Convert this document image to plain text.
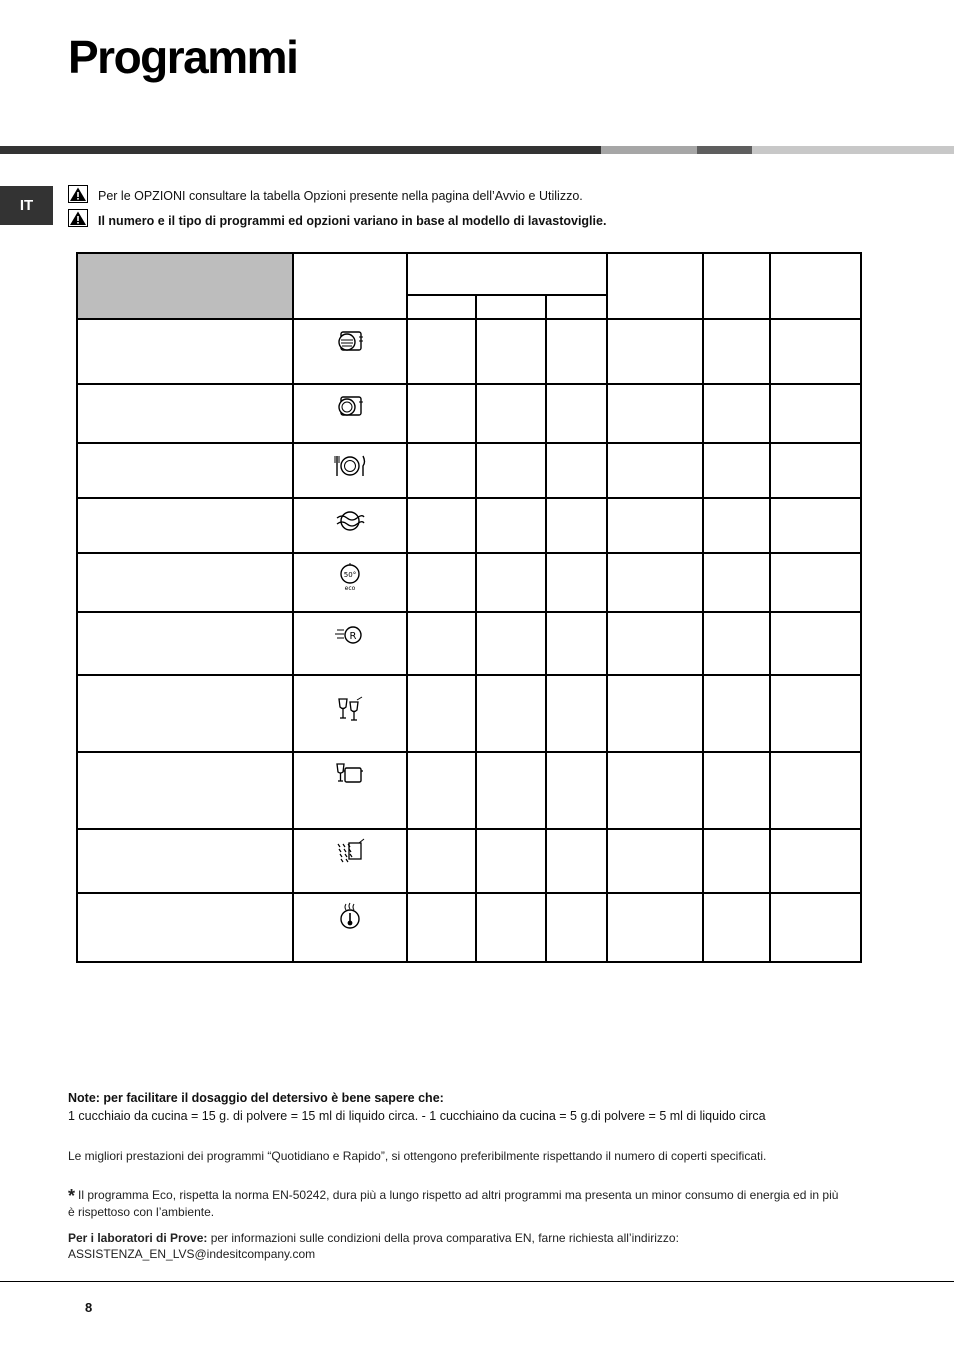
Programmi
IT
Per le OPZIONI consultare la tabella Opzioni presente nella pagina dell’Avvio e Utilizzo.
Il numero e il tipo di programmi ed opzioni variano in base al modello di lavastoviglie.

50°
eco						

R						

Note: per facilitare il dosaggio del detersivo è bene sapere che:
1 cucchiaio da cucina = 15 g. di polvere = 15 ml di liquido circa. - 1 cucchiaino da cucina = 5 g.di polvere = 5 ml di liquido circa
Le migliori prestazioni dei programmi “Quotidiano e Rapido”, si ottengono preferibilmente rispettando il numero di coperti specificati.
* Il programma Eco, rispetta la norma EN-50242, dura più a lungo rispetto ad altri programmi ma presenta un minor consumo di energia ed in più è rispettoso con l’ambiente.
Per i laboratori di Prove: per informazioni sulle condizioni della prova comparativa EN, farne richiesta all’indirizzo: ASSISTENZA_EN_LVS@indesitcompany.com
8
